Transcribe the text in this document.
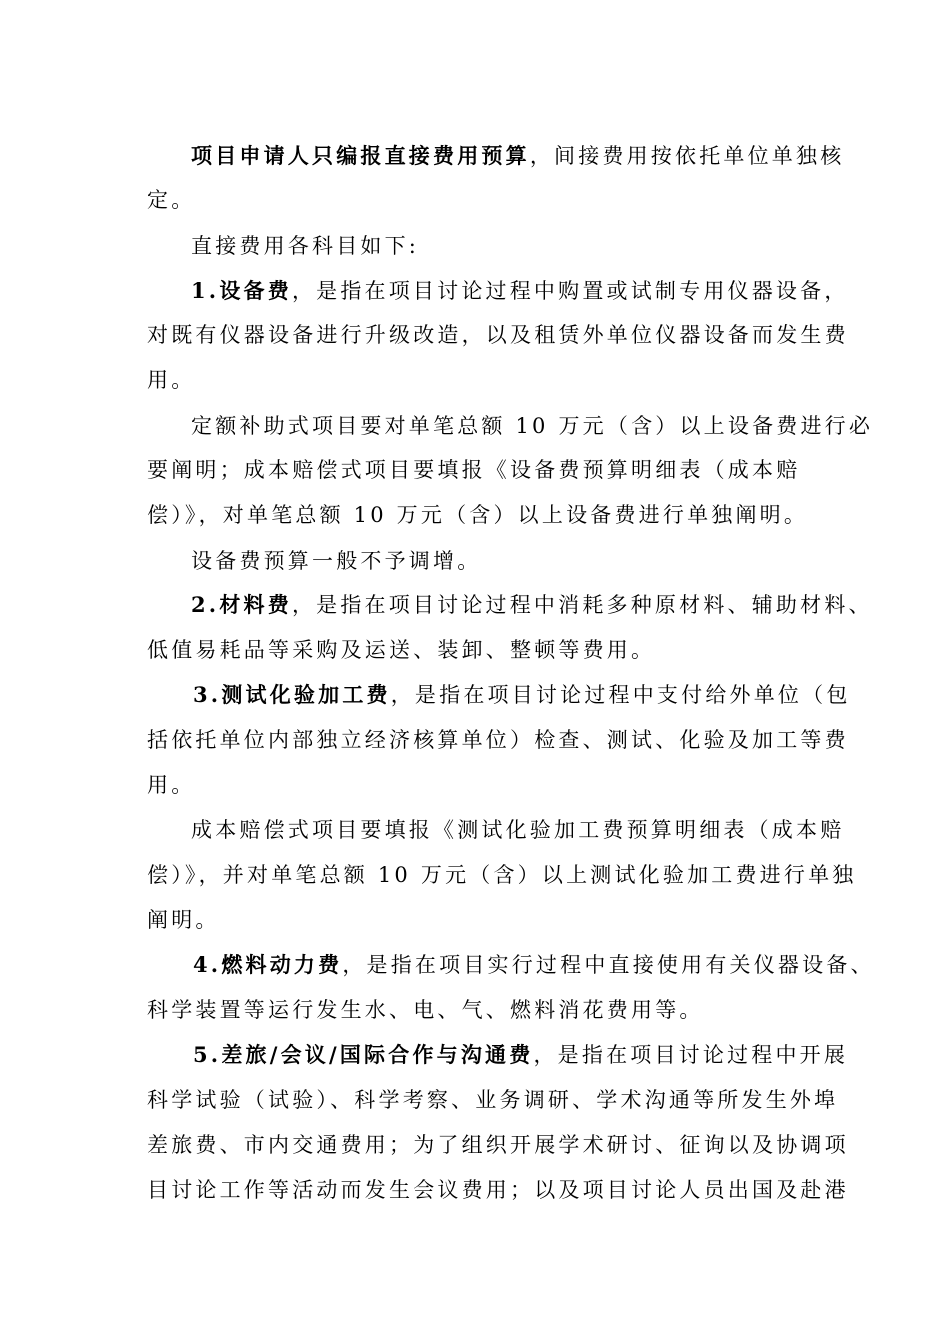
项目申请人只编报直接费用预算，间接费用按依托单位单独核
定。
直接费用各科目如下:
1.设备费，是指在项目讨论过程中购置或试制专用仪器设备，
对既有仪器设备进行升级改造，以及租赁外单位仪器设备而发生费
用。
定额补助式项目要对单笔总额 10 万元（含）以上设备费进行必
要阐明；成本赔偿式项目要填报《设备费预算明细表（成本赔
偿）》，对单笔总额 10 万元（含）以上设备费进行单独阐明。
设备费预算一般不予调增。
2.材料费，是指在项目讨论过程中消耗多种原材料、辅助材料、
低值易耗品等采购及运送、装卸、整顿等费用。
3.测试化验加工费，是指在项目讨论过程中支付给外单位（包
括依托单位内部独立经济核算单位）检查、测试、化验及加工等费
用。
成本赔偿式项目要填报《测试化验加工费预算明细表（成本赔
偿）》，并对单笔总额 10 万元（含）以上测试化验加工费进行单独
阐明。
4.燃料动力费，是指在项目实行过程中直接使用有关仪器设备、
科学装置等运行发生水、电、气、燃料消花费用等。
5.差旅/会议/国际合作与沟通费，是指在项目讨论过程中开展
科学试验（试验）、科学考察、业务调研、学术沟通等所发生外埠
差旅费、市内交通费用；为了组织开展学术研讨、征询以及协调项
目讨论工作等活动而发生会议费用；以及项目讨论人员出国及赴港
